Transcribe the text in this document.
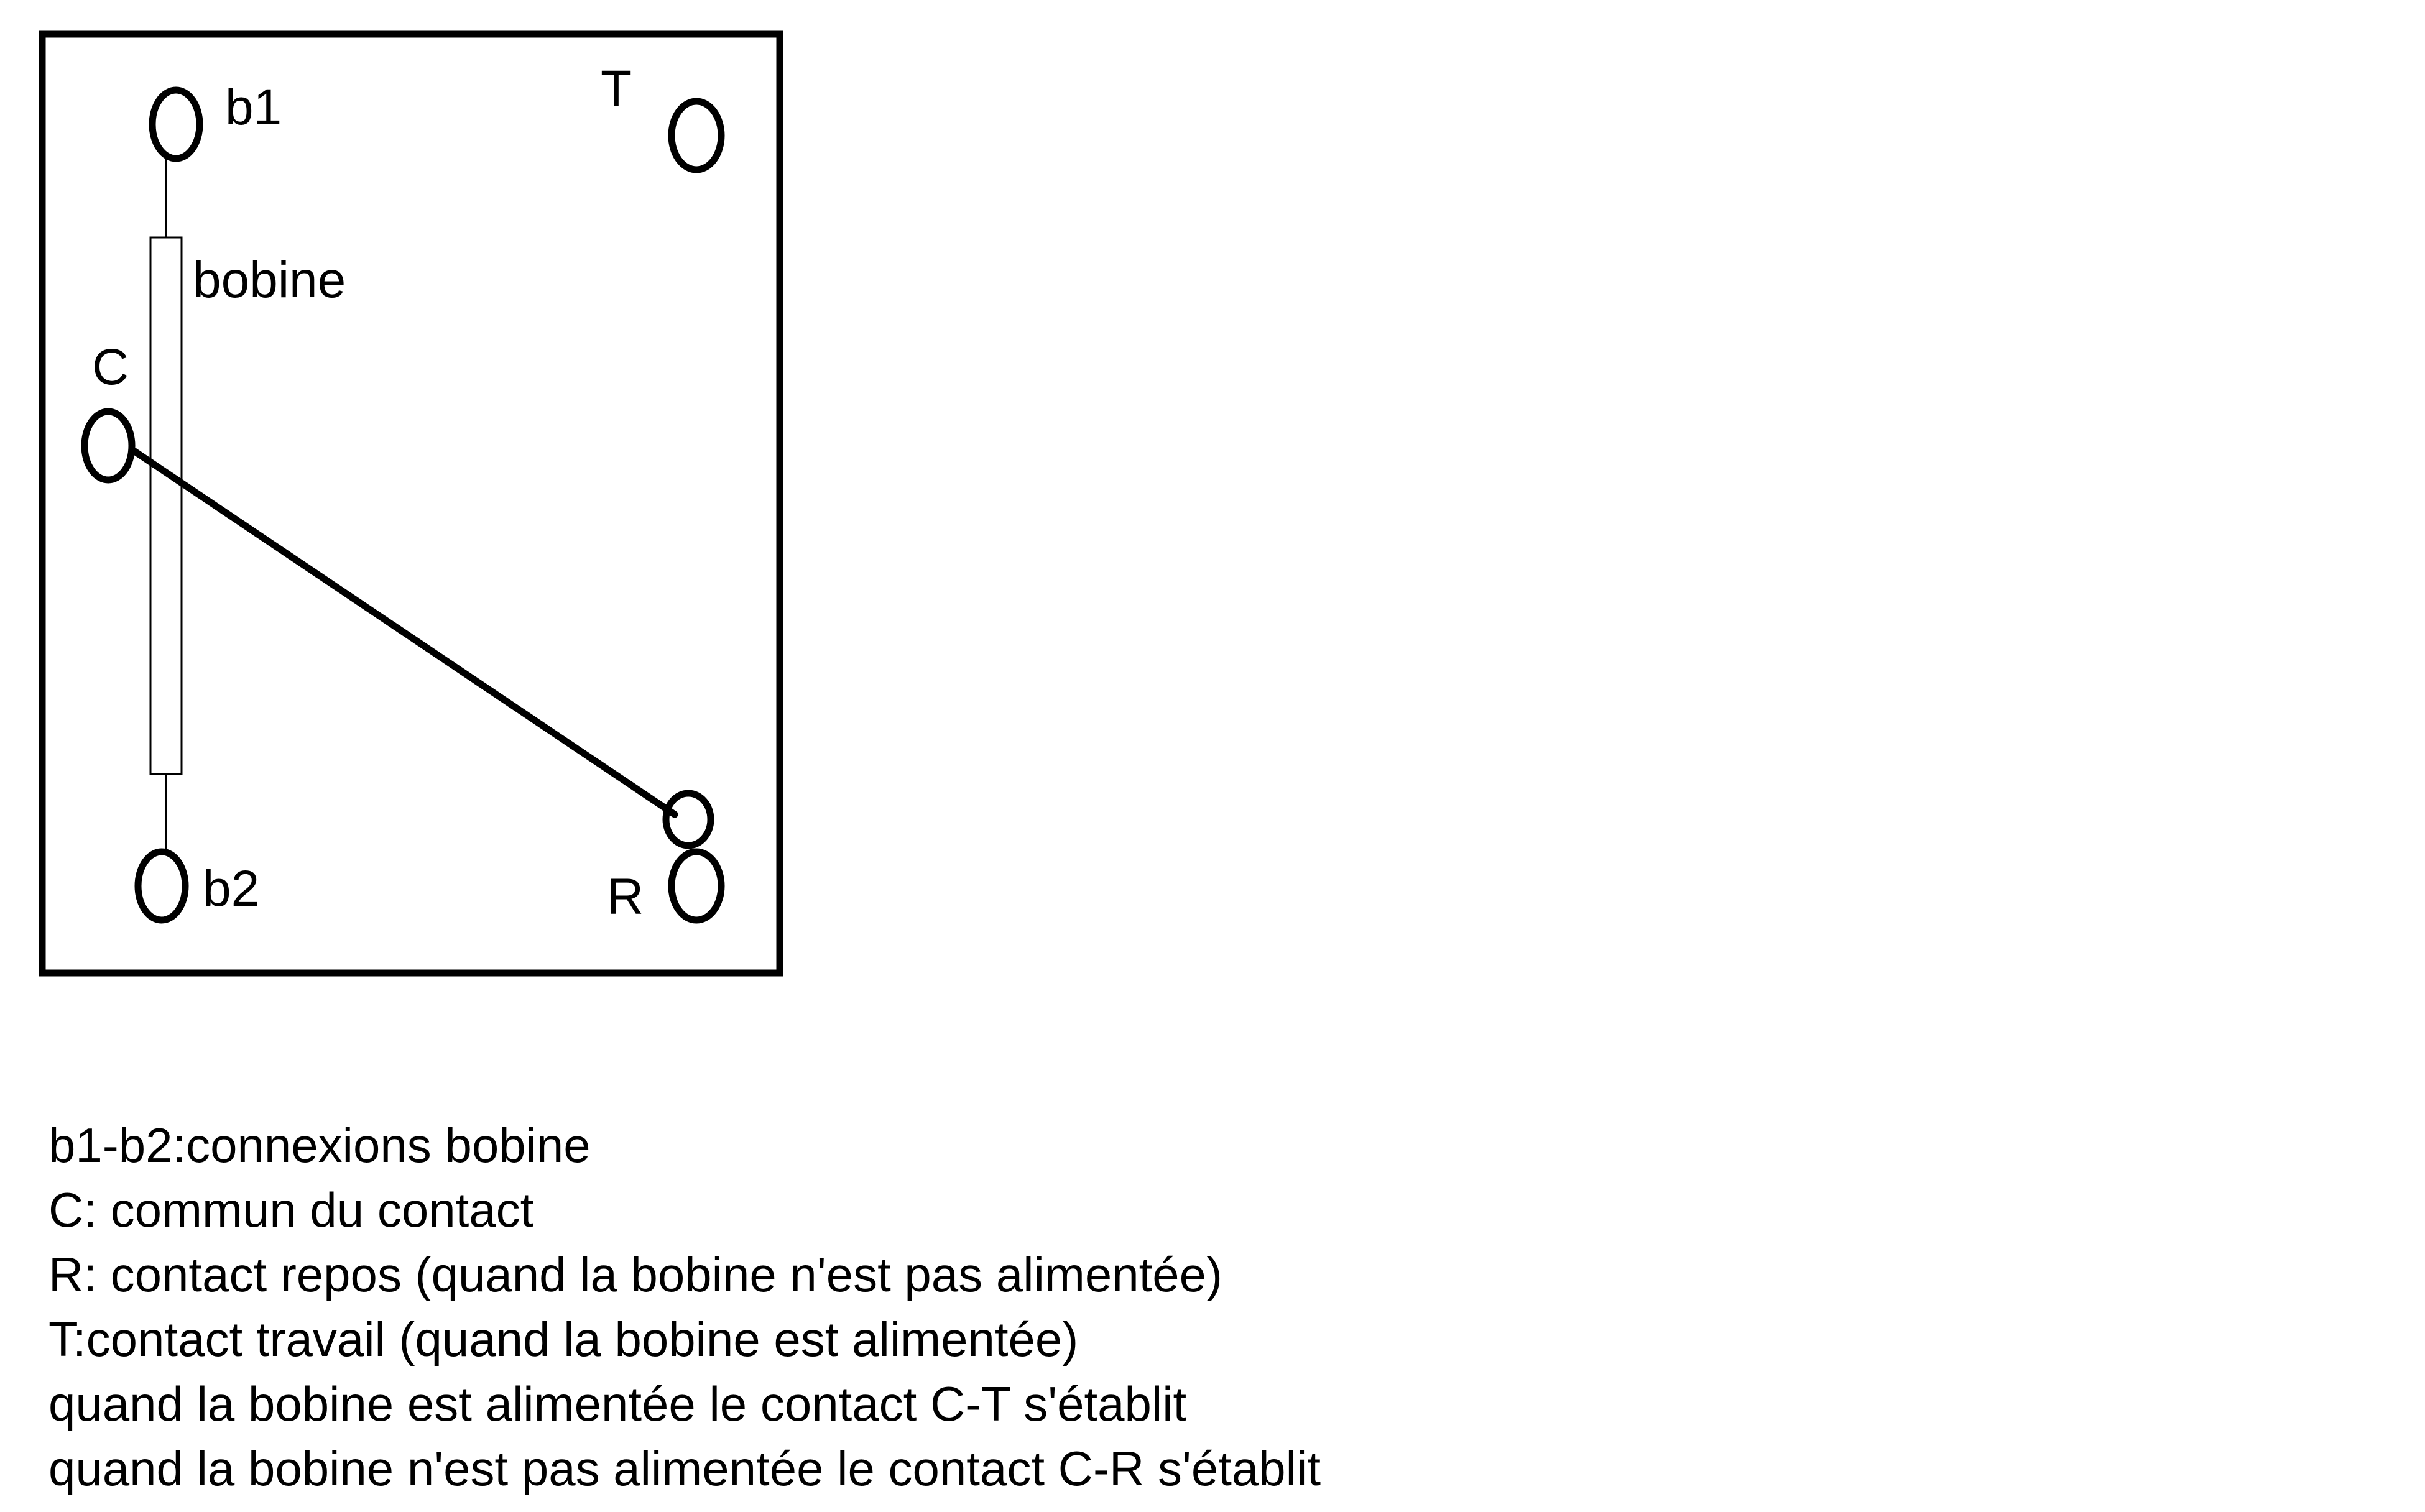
b1	T
bobine
C
b2	R
b1-b2:connexions bobine
C: commun du contact
R: contact repos (quand la bobine n'est pas alimentée)
T:contact travail (quand la bobine est alimentée)
quand la bobine est alimentée le contact C-T s'établit
quand la bobine n'est pas alimentée le contact C-R s'établit
